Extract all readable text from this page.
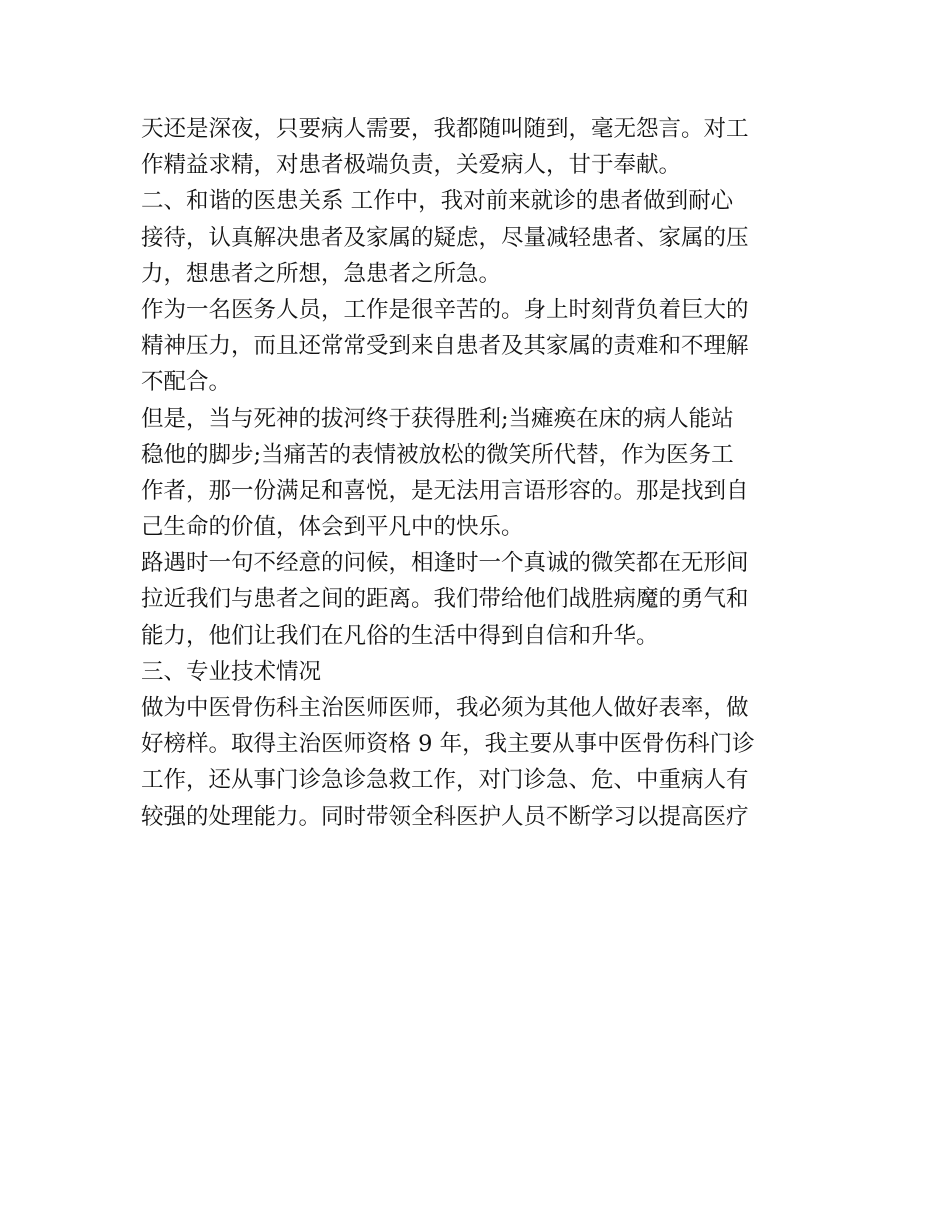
天还是深夜，只要病人需要，我都随叫随到，毫无怨言。对工
作精益求精，对患者极端负责，关爱病人，甘于奉献。
二、和谐的医患关系 工作中，我对前来就诊的患者做到耐心
接待，认真解决患者及家属的疑虑，尽量减轻患者、家属的压
力，想患者之所想，急患者之所急。
作为一名医务人员，工作是很辛苦的。身上时刻背负着巨大的
精神压力，而且还常常受到来自患者及其家属的责难和不理解
不配合。
但是，当与死神的拔河终于获得胜利;当瘫痪在床的病人能站
稳他的脚步;当痛苦的表情被放松的微笑所代替，作为医务工
作者，那一份满足和喜悦，是无法用言语形容的。那是找到自
己生命的价值，体会到平凡中的快乐。
路遇时一句不经意的问候，相逢时一个真诚的微笑都在无形间
拉近我们与患者之间的距离。我们带给他们战胜病魔的勇气和
能力，他们让我们在凡俗的生活中得到自信和升华。
三、专业技术情况
做为中医骨伤科主治医师医师，我必须为其他人做好表率，做
好榜样。取得主治医师资格 9 年，我主要从事中医骨伤科门诊
工作，还从事门诊急诊急救工作，对门诊急、危、中重病人有
较强的处理能力。同时带领全科医护人员不断学习以提高医疗
